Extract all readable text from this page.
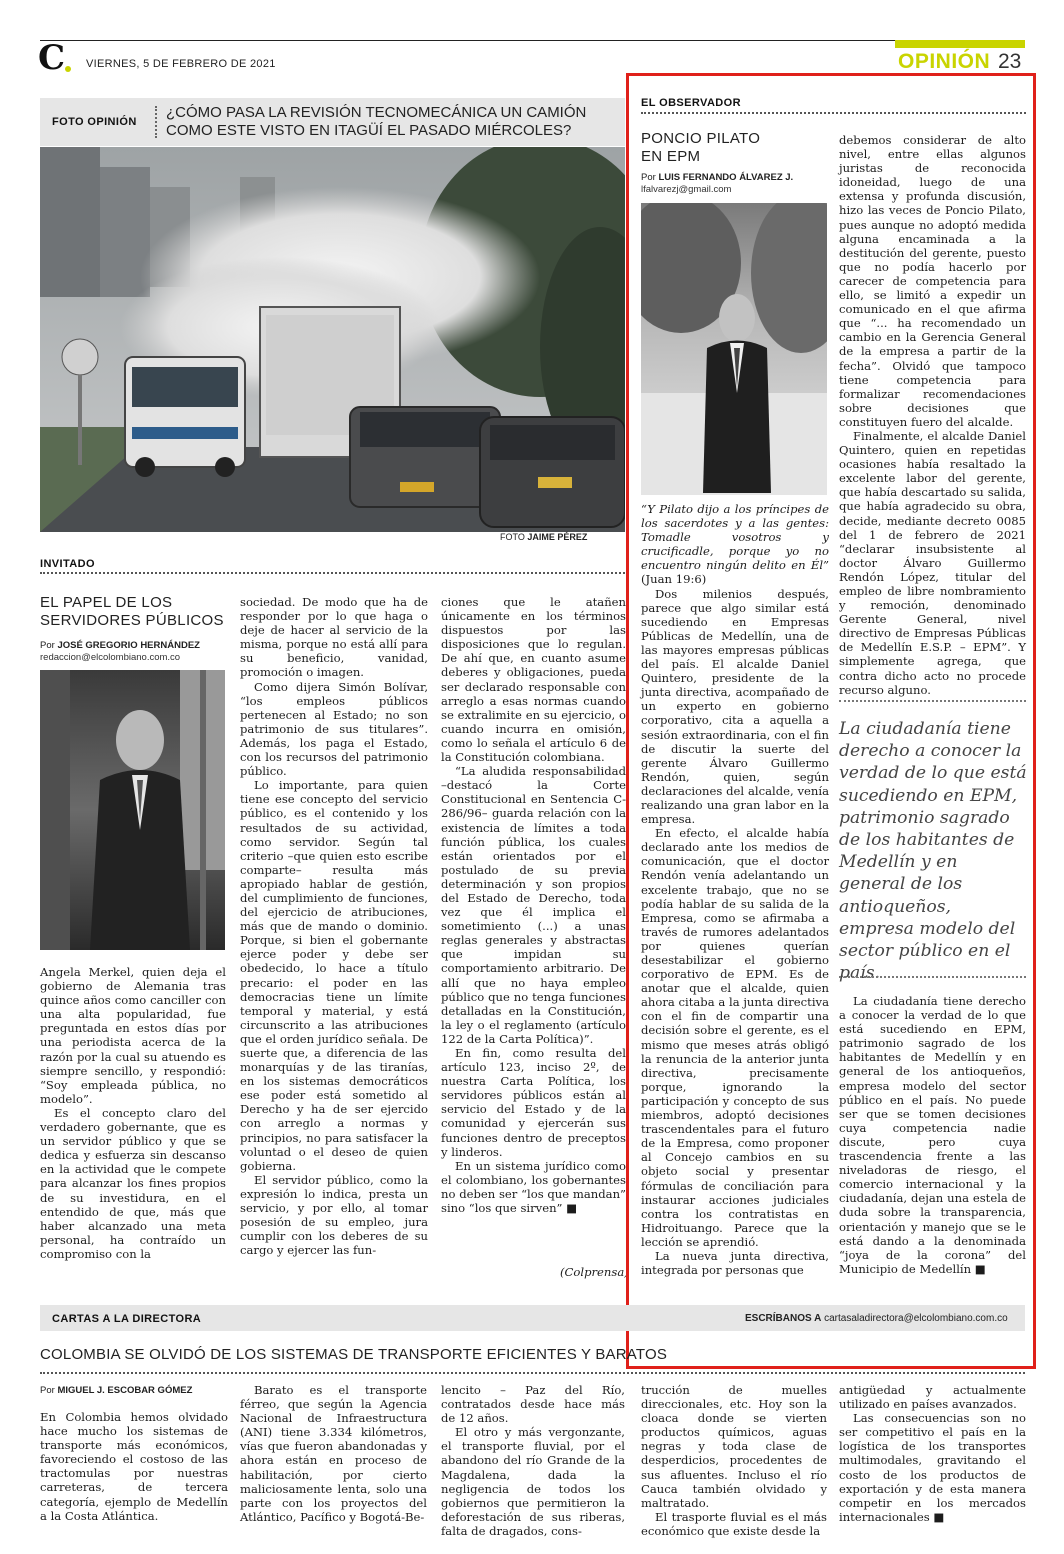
C VIERNES, 5 DE FEBRERO DE 2021	OPINIÓN 23
FOTO OPINIÓN
¿CÓMO PASA LA REVISIÓN TECNOMECÁNICA UN CAMIÓN COMO ESTE VISTO EN ITAGÜÍ EL PASADO MIÉRCOLES?
FOTO JAIME PÉREZ
INVITADO
EL PAPEL DE LOS SERVIDORES PÚBLICOS
Por JOSÉ GREGORIO HERNÁNDEZ
redaccion@elcolombiano.com.co

Angela Merkel, quien deja el gobierno de Alemania tras quince años como canciller con una alta popularidad, fue preguntada en estos días por una periodista acerca de la razón por la cual su atuendo es siempre sencillo, y respondió: “Soy empleada pública, no modelo”.

Es el concepto claro del verdadero gobernante, que es un servidor público y que se dedica y esfuerza sin descanso en la actividad que le compete para alcanzar los fines propios de su investidura, en el entendido de que, más que haber alcanzado una meta personal, ha contraído un compromiso con la

sociedad. De modo que ha de responder por lo que haga o deje de hacer al servicio de la misma, porque no está allí para su beneficio, vanidad, promoción o imagen.

Como dijera Simón Bolívar, “los empleos públicos pertenecen al Estado; no son patrimonio de sus titulares”. Además, los paga el Estado, con los recursos del patrimonio público.

Lo importante, para quien tiene ese concepto del servicio público, es el contenido y los resultados de su actividad, como servidor. Según tal criterio –que quien esto escribe comparte– resulta más apropiado hablar de gestión, del cumplimiento de funciones, del ejercicio de atribuciones, más que de mando o dominio. Porque, si bien el gobernante ejerce poder y debe ser obedecido, lo hace a título precario: el poder en las democracias tiene un límite temporal y material, y está circunscrito a las atribuciones que el orden jurídico señala. De suerte que, a diferencia de las monarquías y de las tiranías, en los sistemas democráticos ese poder está sometido al Derecho y ha de ser ejercido con arreglo a normas y principios, no para satisfacer la voluntad o el deseo de quien gobierna.

El servidor público, como la expresión lo indica, presta un servicio, y por ello, al tomar posesión de su empleo, jura cumplir con los deberes de su cargo y ejercer las fun-

ciones que le atañen únicamente en los términos dispuestos por las disposiciones que lo regulan. De ahí que, en cuanto asume deberes y obligaciones, pueda ser declarado responsable con arreglo a esas normas cuando se extralimite en su ejercicio, o cuando incurra en omisión, como lo señala el artículo 6 de la Constitución colombiana.

“La aludida responsabilidad –destacó la Corte Constitucional en Sentencia C-286/96– guarda relación con la existencia de límites a toda función pública, los cuales están orientados por el postulado de su previa determinación y son propios del Estado de Derecho, toda vez que él implica el sometimiento (...) a unas reglas generales y abstractas que impidan su comportamiento arbitrario. De allí que no haya empleo público que no tenga funciones detalladas en la Constitución, la ley o el reglamento (artículo 122 de la Carta Política)”.

En fin, como resulta del artículo 123, inciso 2º, de nuestra Carta Política, los servidores públicos están al servicio del Estado y de la comunidad y ejercerán sus funciones dentro de preceptos y linderos.

En un sistema jurídico como el colombiano, los gobernantes no deben ser “los que mandan” sino “los que sirven” ■

(Colprensa)
EL OBSERVADOR
PONCIO PILATO
EN EPM
Por LUIS FERNANDO ÁLVAREZ J.
lfalvarezj@gmail.com

“Y Pilato dijo a los príncipes de los sacerdotes y a las gentes: Tomadle vosotros y crucificadle, porque yo no encuentro ningún delito en Él” (Juan 19:6)

Dos milenios después, parece que algo similar está sucediendo en Empresas Públicas de Medellín, una de las mayores empresas públicas del país. El alcalde Daniel Quintero, presidente de la junta directiva, acompañado de un experto en gobierno corporativo, cita a aquella a sesión extraordinaria, con el fin de discutir la suerte del gerente Álvaro Guillermo Rendón, quien, según declaraciones del alcalde, venía realizando una gran labor en la empresa.

En efecto, el alcalde había declarado ante los medios de comunicación, que el doctor Rendón venía adelantando un excelente trabajo, que no se podía hablar de su salida de la Empresa, como se afirmaba a través de rumores adelantados por quienes querían desestabilizar el gobierno corporativo de EPM. Es de anotar que el alcalde, quien ahora citaba a la junta directiva con el fin de compartir una decisión sobre el gerente, es el mismo que meses atrás obligó la renuncia de la anterior junta directiva, precisamente porque, ignorando la participación y concepto de sus miembros, adoptó decisiones trascendentales para el futuro de la Empresa, como proponer al Concejo cambios en su objeto social y presentar fórmulas de conciliación para instaurar acciones judiciales contra los contratistas en Hidroituango. Parece que la lección se aprendió.

La nueva junta directiva, integrada por personas que

debemos considerar de alto nivel, entre ellas algunos juristas de reconocida idoneidad, luego de una extensa y profunda discusión, hizo las veces de Poncio Pilato, pues aunque no adoptó medida alguna encaminada a la destitución del gerente, puesto que no podía hacerlo por carecer de competencia para ello, se limitó a expedir un comunicado en el que afirma que “... ha recomendado un cambio en la Gerencia General de la empresa a partir de la fecha”. Olvidó que tampoco tiene competencia para formalizar recomendaciones sobre decisiones que constituyen fuero del alcalde.

Finalmente, el alcalde Daniel Quintero, quien en repetidas ocasiones había resaltado la excelente labor del gerente, que había descartado su salida, que había agradecido su obra, decide, mediante decreto 0085 del 1 de febrero de 2021 “declarar insubsistente al doctor Álvaro Guillermo Rendón López, titular del empleo de libre nombramiento y remoción, denominado Gerente General, nivel directivo de Empresas Públicas de Medellín E.S.P. – EPM”. Y simplemente agrega, que contra dicho acto no procede recurso alguno.

La ciudadanía tiene derecho a conocer la verdad de lo que está sucediendo en EPM, patrimonio sagrado de los habitantes de Medellín y en general de los antioqueños, empresa modelo del sector público en el país.

La ciudadanía tiene derecho a conocer la verdad de lo que está sucediendo en EPM, patrimonio sagrado de los habitantes de Medellín y en general de los antioqueños, empresa modelo del sector público en el país. No puede ser que se tomen decisiones cuya competencia nadie discute, pero cuya trascendencia frente a las niveladoras de riesgo, el comercio internacional y la ciudadanía, dejan una estela de duda sobre la transparencia, orientación y manejo que se le está dando a la denominada “joya de la corona” del Municipio de Medellín ■

CARTAS A LA DIRECTORA	ESCRÍBANOS A cartasaladirectora@elcolombiano.com.co
COLOMBIA SE OLVIDÓ DE LOS SISTEMAS DE TRANSPORTE EFICIENTES Y BARATOS
Por MIGUEL J. ESCOBAR GÓMEZ

En Colombia hemos olvidado hace mucho los sistemas de transporte más económicos, favoreciendo el costoso de las tractomulas por nuestras carreteras, de tercera categoría, ejemplo de Medellín a la Costa Atlántica.

Barato es el transporte férreo, que según la Agencia Nacional de Infraestructura (ANI) tiene 3.334 kilómetros, vías que fueron abandonadas y ahora están en proceso de habilitación, por cierto maliciosamente lenta, solo una parte con los proyectos del Atlántico, Pacífico y Bogotá-Be-

lencito – Paz del Río, contratados desde hace más de 12 años.

El otro y más vergonzante, el transporte fluvial, por el abandono del río Grande de la Magdalena, dada la negligencia de todos los gobiernos que permitieron la deforestación de sus riberas, falta de dragados, cons-

trucción de muelles direccionales, etc. Hoy son la cloaca donde se vierten productos químicos, aguas negras y toda clase de desperdicios, procedentes de sus afluentes. Incluso el río Cauca también olvidado y maltratado.

El trasporte fluvial es el más económico que existe desde la

antigüedad y actualmente utilizado en países avanzados.

Las consecuencias son no ser competitivo el país en la logística de los transportes multimodales, gravitando el costo de los productos de exportación y de esta manera competir en los mercados internacionales ■
